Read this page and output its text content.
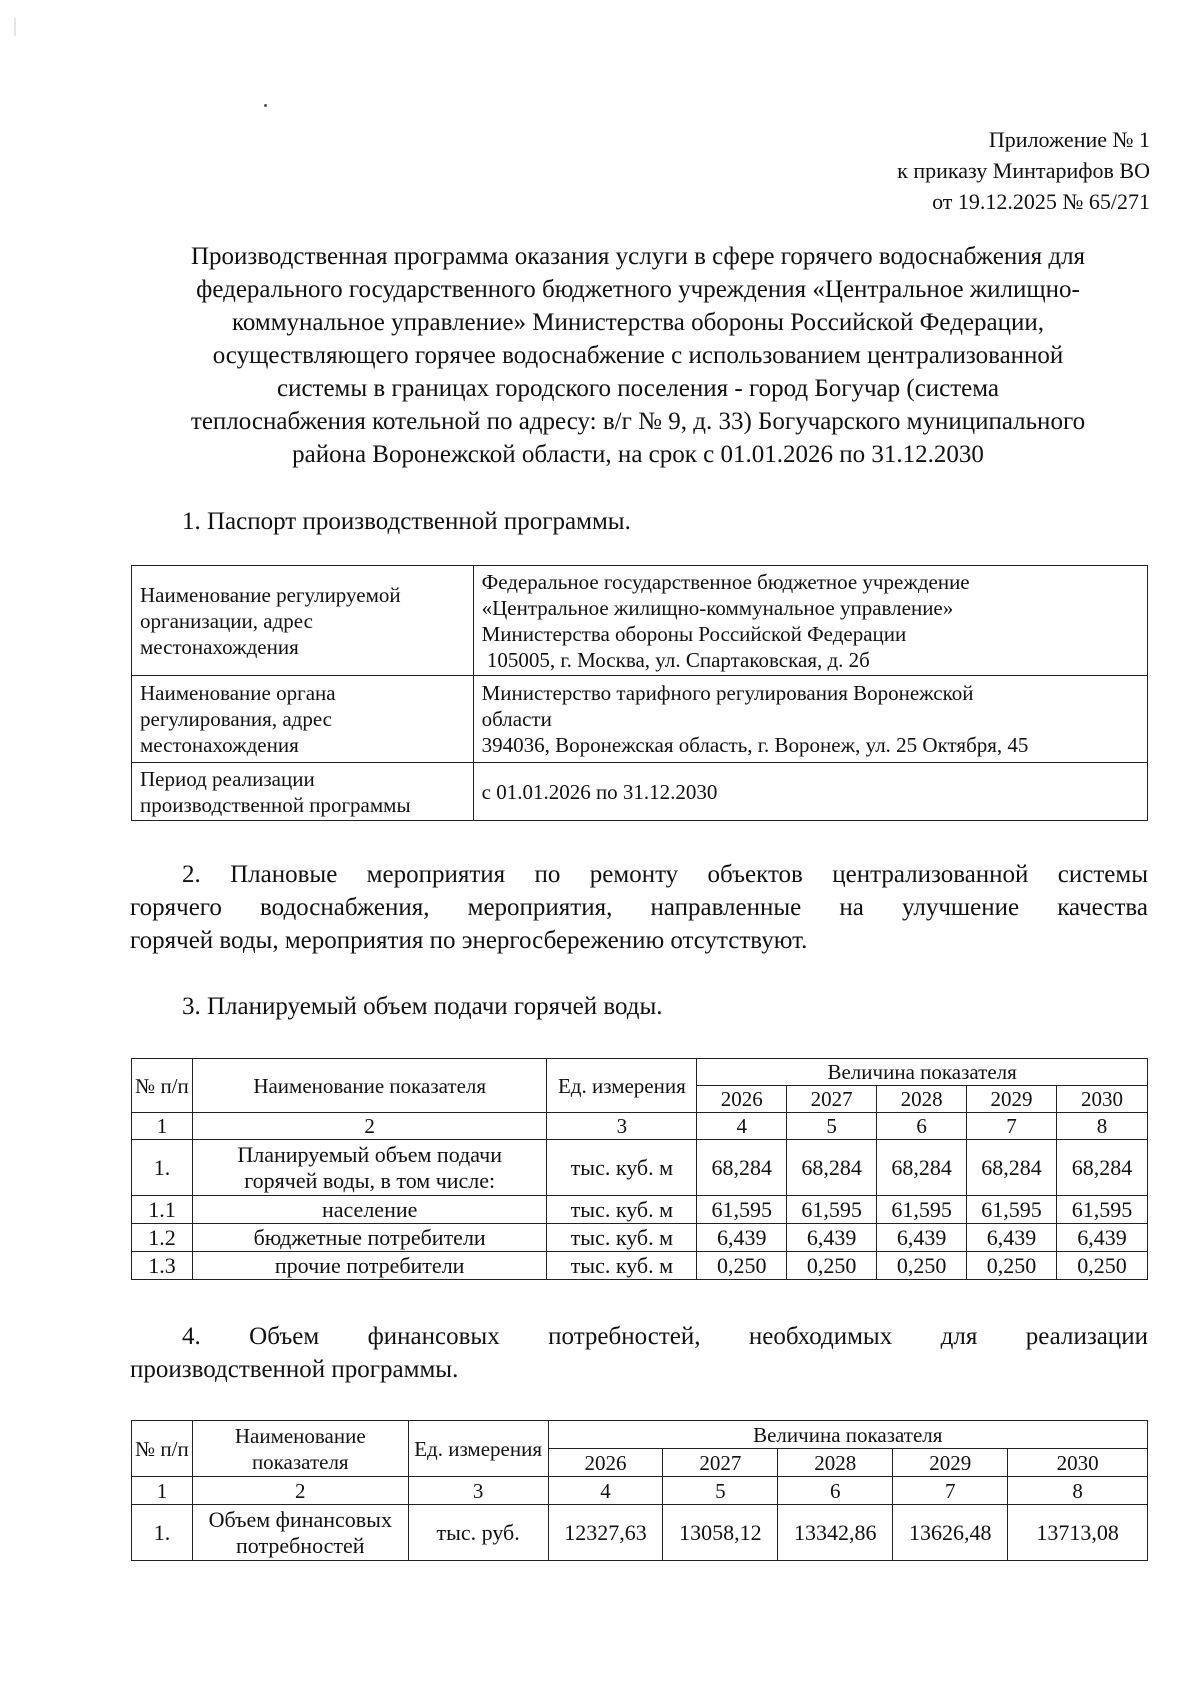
Приложение № 1
к приказу Минтарифов ВО
от 19.12.2025 № 65/271
Производственная программа оказания услуги в сфере горячего водоснабжения для
федерального государственного бюджетного учреждения «Центральное жилищно-
коммунальное управление» Министерства обороны Российской Федерации,
осуществляющего горячее водоснабжение с использованием централизованной
системы в границах городского поселения - город Богучар (система
теплоснабжения котельной по адресу: в/г № 9, д. 33) Богучарского муниципального
района Воронежской области, на срок с 01.01.2026 по 31.12.2030
1. Паспорт производственной программы.
Наименование регулируемой организации, адрес местонахождения	Федеральное государственное бюджетное учреждение
«Центральное жилищно-коммунальное управление»
Министерства обороны Российской Федерации
105005, г. Москва, ул. Спартаковская, д. 2б

Наименование органа регулирования, адрес местонахождения	Министерство тарифного регулирования Воронежской
области
394036, Воронежская область, г. Воронеж, ул. 25 Октября, 45

Период реализации производственной программы	с 01.01.2026 по 31.12.2030
2. Плановые мероприятия по ремонту объектов централизованной системы
горячего водоснабжения, мероприятия, направленные на улучшение качества
горячей воды, мероприятия по энергосбережению отсутствуют.
3. Планируемый объем подачи горячей воды.
№ п/п	Наименование показателя	Ед. измерения	Величина показателя				
			2026	2027	2028	2029	2030
1	2	3	4	5	6	7	8
1.	Планируемый объем подачи горячей воды, в том числе:	тыс. куб. м	68,284	68,284	68,284	68,284	68,284
1.1	население	тыс. куб. м	61,595	61,595	61,595	61,595	61,595
1.2	бюджетные потребители	тыс. куб. м	6,439	6,439	6,439	6,439	6,439
1.3	прочие потребители	тыс. куб. м	0,250	0,250	0,250	0,250	0,250
4. Объем финансовых потребностей, необходимых для реализации
производственной программы.
№ п/п	Наименование показателя	Ед. измерения	Величина показателя				
			2026	2027	2028	2029	2030
1	2	3	4	5	6	7	8
1.	Объем финансовых потребностей	тыс. руб.	12327,63	13058,12	13342,86	13626,48	13713,08
